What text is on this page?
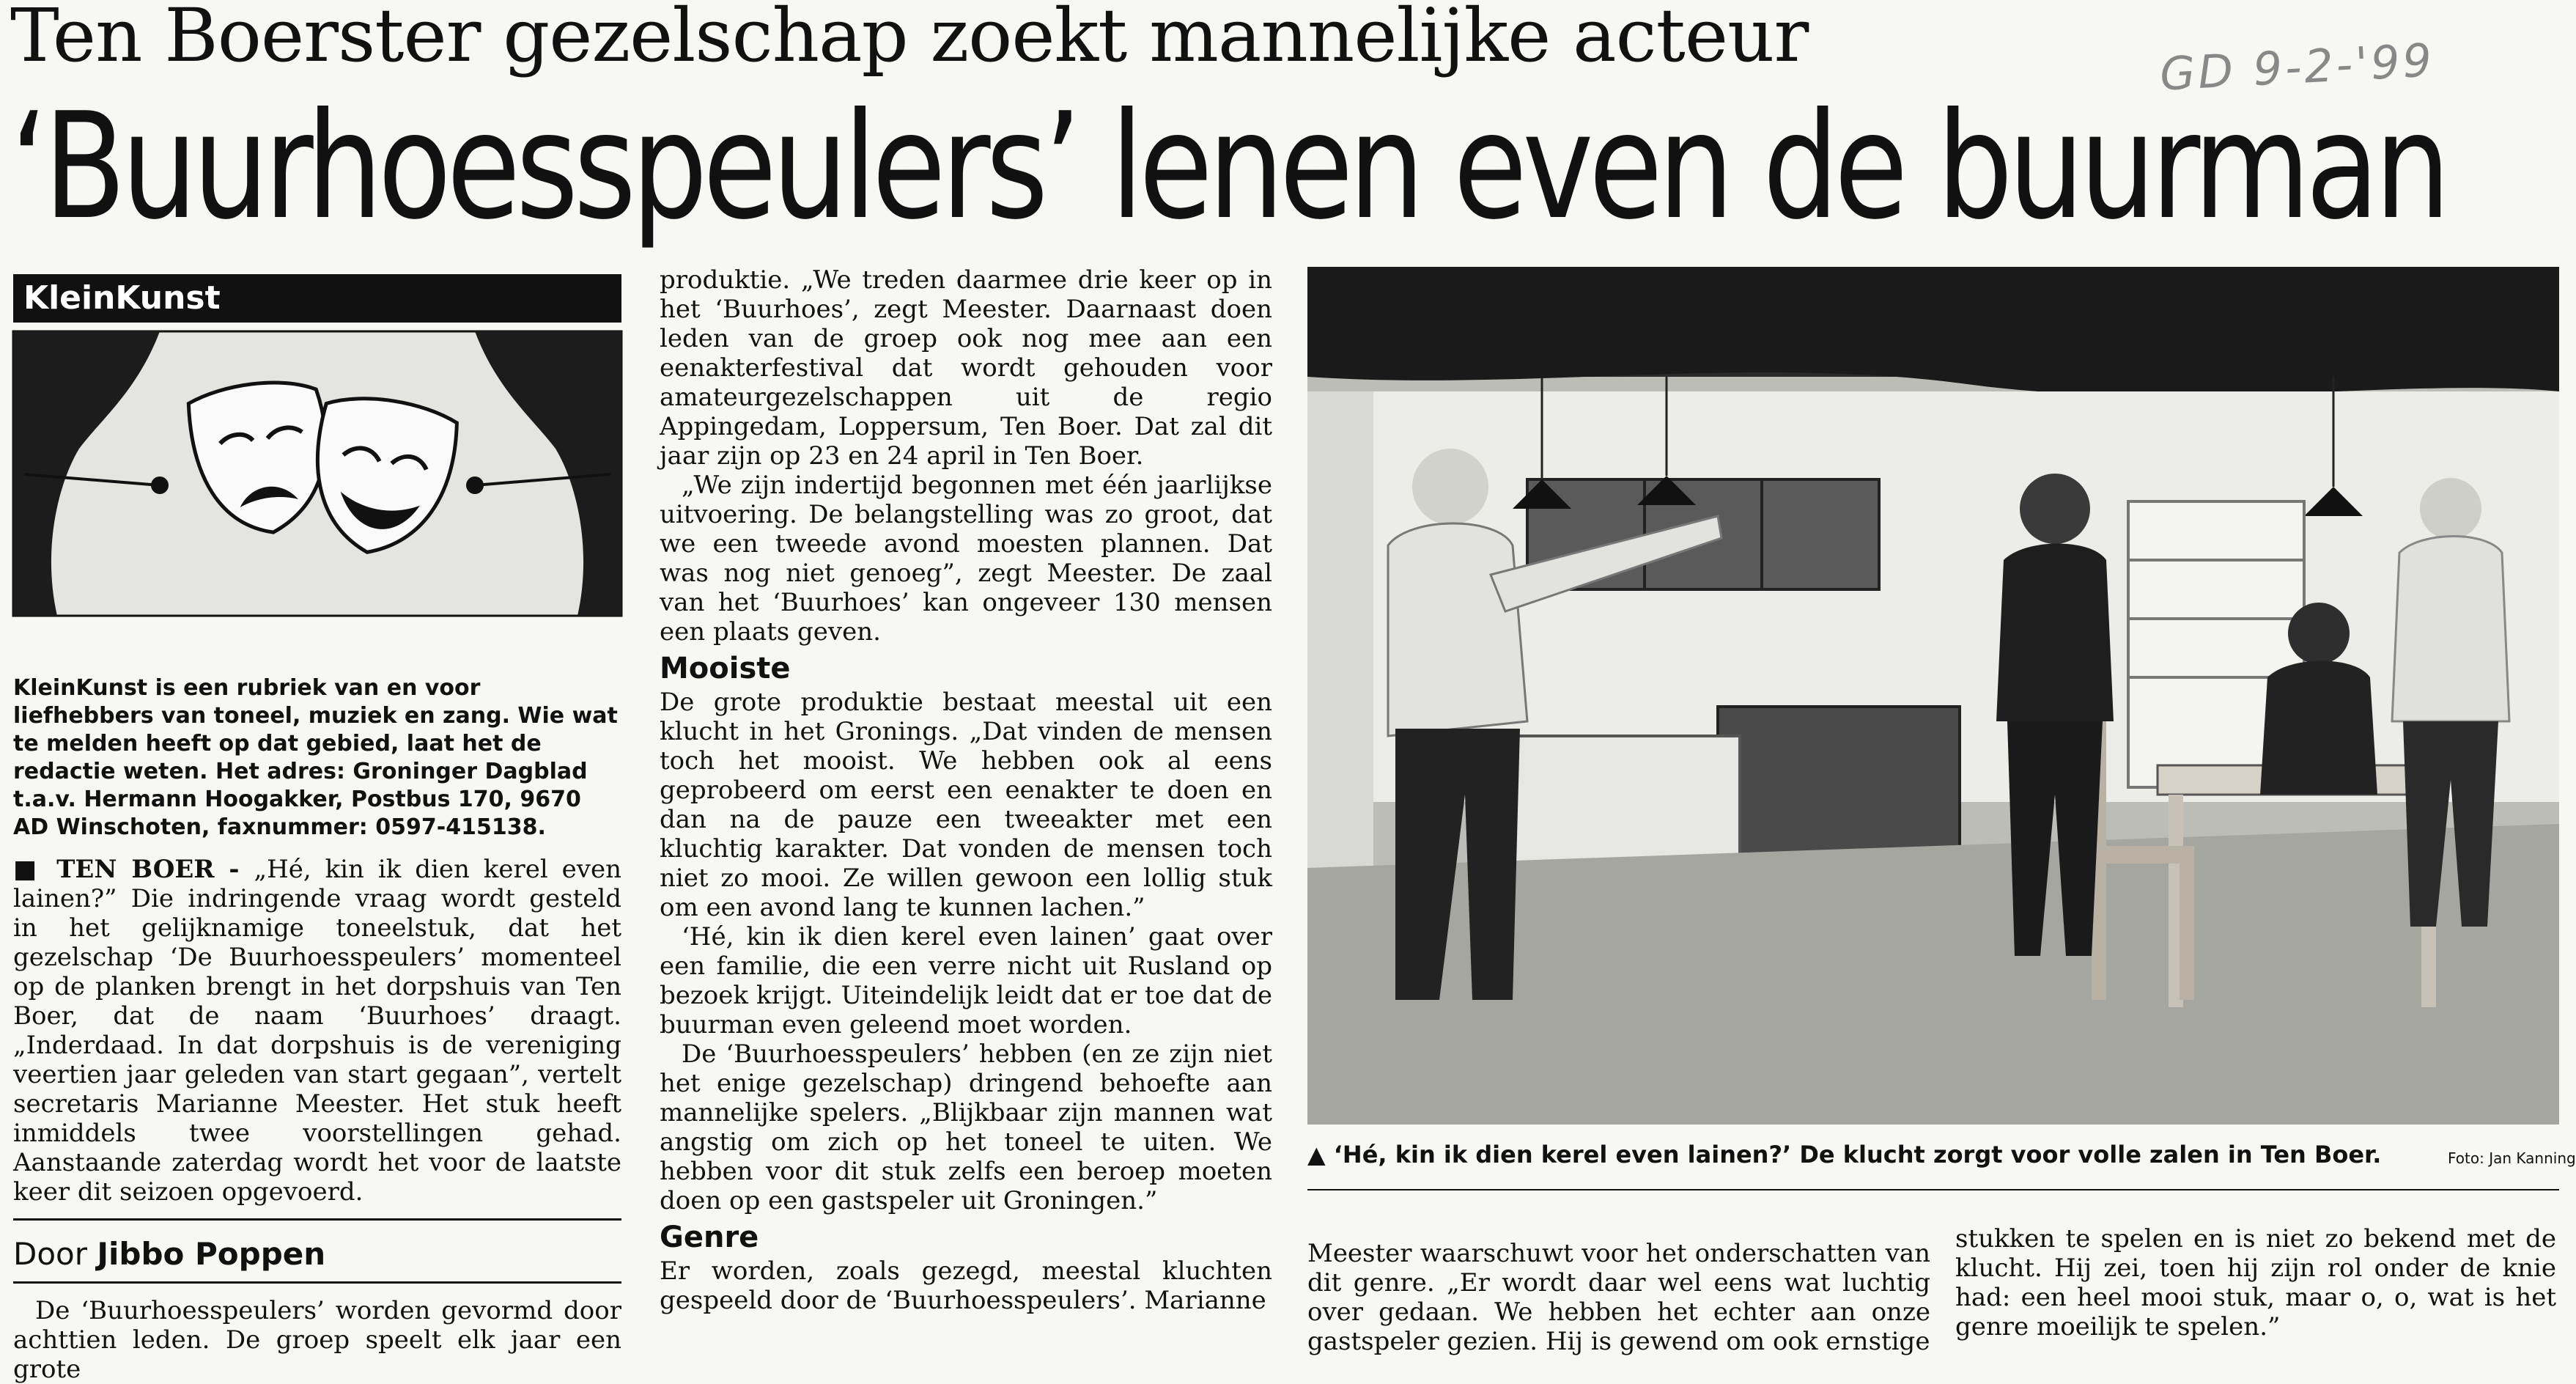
Ten Boerster gezelschap zoekt mannelijke acteur	GD 9-2-'99
‘Buurhoesspeulers’ lenen even de buurman
KleinKunst
KleinKunst is een rubriek van en voor liefhebbers van toneel, muziek en zang. Wie wat te melden heeft op dat gebied, laat het de redactie weten. Het adres: Groninger Dagblad t.a.v. Hermann Hoogakker, Postbus 170, 9670 AD Winschoten, faxnummer: 0597-415138.

■ TEN BOER - „Hé, kin ik dien kerel even lainen?” Die indringende vraag wordt gesteld in het gelijknamige toneelstuk, dat het gezelschap ‘De Buurhoesspeulers’ momenteel op de planken brengt in het dorpshuis van Ten Boer, dat de naam ‘Buurhoes’ draagt. „Inderdaad. In dat dorpshuis is de vereniging veertien jaar geleden van start gegaan”, vertelt secretaris Marianne Meester. Het stuk heeft inmiddels twee voorstellingen gehad. Aanstaande zaterdag wordt het voor de laatste keer dit seizoen opgevoerd.

Door Jibbo Poppen

De ‘Buurhoesspeulers’ worden gevormd door achttien leden. De groep speelt elk jaar een grote

produktie. „We treden daarmee drie keer op in het ‘Buurhoes’, zegt Meester. Daarnaast doen leden van de groep ook nog mee aan een eenakterfestival dat wordt gehouden voor amateurgezelschappen uit de regio Appingedam, Loppersum, Ten Boer. Dat zal dit jaar zijn op 23 en 24 april in Ten Boer.

„We zijn indertijd begonnen met één jaarlijkse uitvoering. De belangstelling was zo groot, dat we een tweede avond moesten plannen. Dat was nog niet genoeg”, zegt Meester. De zaal van het ‘Buurhoes’ kan ongeveer 130 mensen een plaats geven.

Mooiste

De grote produktie bestaat meestal uit een klucht in het Gronings. „Dat vinden de mensen toch het mooist. We hebben ook al eens geprobeerd om eerst een eenakter te doen en dan na de pauze een tweeakter met een kluchtig karakter. Dat vonden de mensen toch niet zo mooi. Ze willen gewoon een lollig stuk om een avond lang te kunnen lachen.”

‘Hé, kin ik dien kerel even lainen’ gaat over een familie, die een verre nicht uit Rusland op bezoek krijgt. Uiteindelijk leidt dat er toe dat de buurman even geleend moet worden.

De ‘Buurhoesspeulers’ hebben (en ze zijn niet het enige gezelschap) dringend behoefte aan mannelijke spelers. „Blijkbaar zijn mannen wat angstig om zich op het toneel te uiten. We hebben voor dit stuk zelfs een beroep moeten doen op een gastspeler uit Groningen.”

Genre

Er worden, zoals gezegd, meestal kluchten gespeeld door de ‘Buurhoesspeulers’. Marianne

▲ ‘Hé, kin ik dien kerel even lainen?’ De klucht zorgt voor volle zalen in Ten Boer.	Foto: Jan Kanning

Meester waarschuwt voor het onderschatten van dit genre. „Er wordt daar wel eens wat luchtig over gedaan. We hebben het echter aan onze gastspeler gezien. Hij is gewend om ook ernstige

stukken te spelen en is niet zo bekend met de klucht. Hij zei, toen hij zijn rol onder de knie had: een heel mooi stuk, maar o, o, wat is het genre moeilijk te spelen.”
